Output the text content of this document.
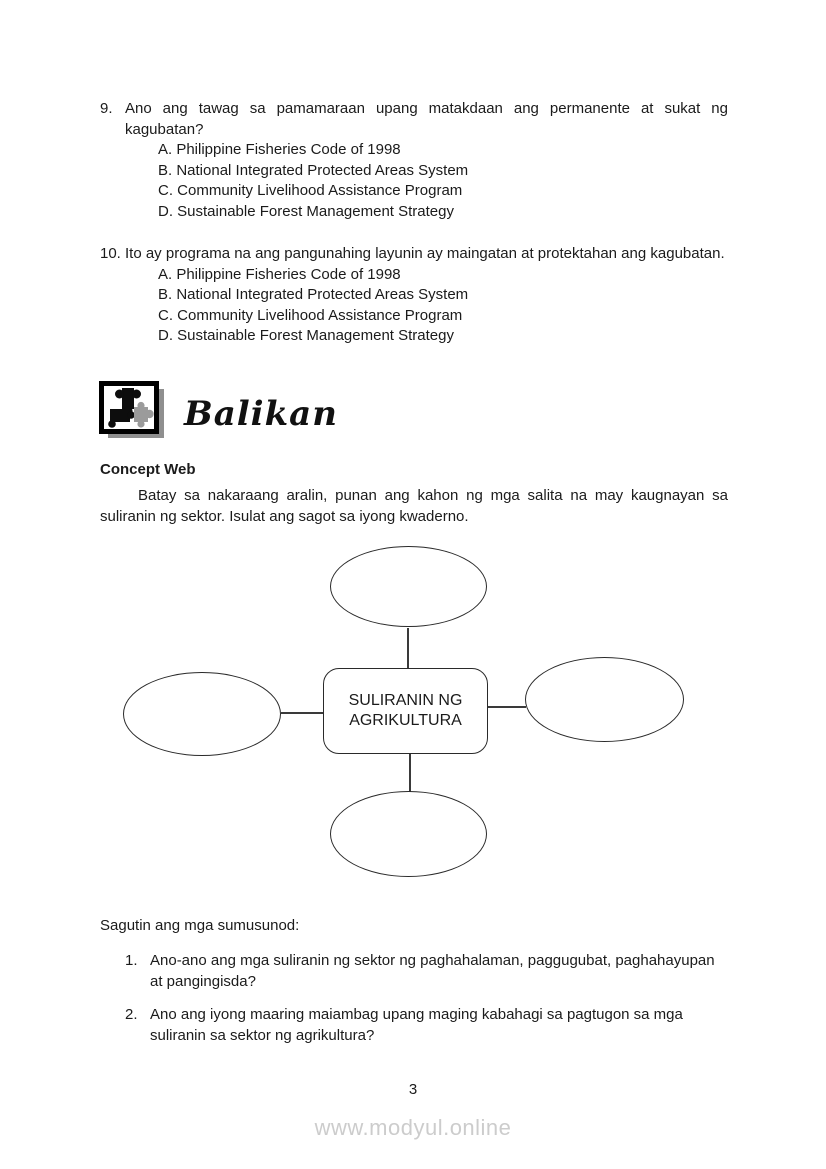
9. Ano ang tawag sa pamamaraan upang matakdaan ang permanente at sukat ng kagubatan?
A. Philippine Fisheries Code of 1998
B. National Integrated Protected Areas System
C. Community Livelihood Assistance Program
D. Sustainable Forest Management Strategy
10. Ito ay programa na ang pangunahing layunin ay maingatan at protektahan ang kagubatan.
A. Philippine Fisheries Code of 1998
B. National Integrated Protected Areas System
C. Community Livelihood Assistance Program
D. Sustainable Forest Management Strategy
Balikan
Concept Web

Batay sa nakaraang aralin, punan ang kahon ng mga salita na may kaugnayan sa suliranin ng sektor. Isulat ang sagot sa iyong kwaderno.

SULIRANIN NG
AGRIKULTURA
Sagutin ang mga sumusunod:
1. Ano-ano ang mga suliranin ng sektor ng paghahalaman, paggugubat, paghahayupan at pangingisda?
2. Ano ang iyong maaring maiambag upang maging kabahagi sa pagtugon sa mga suliranin sa sektor ng agrikultura?
3
www.modyul.online
